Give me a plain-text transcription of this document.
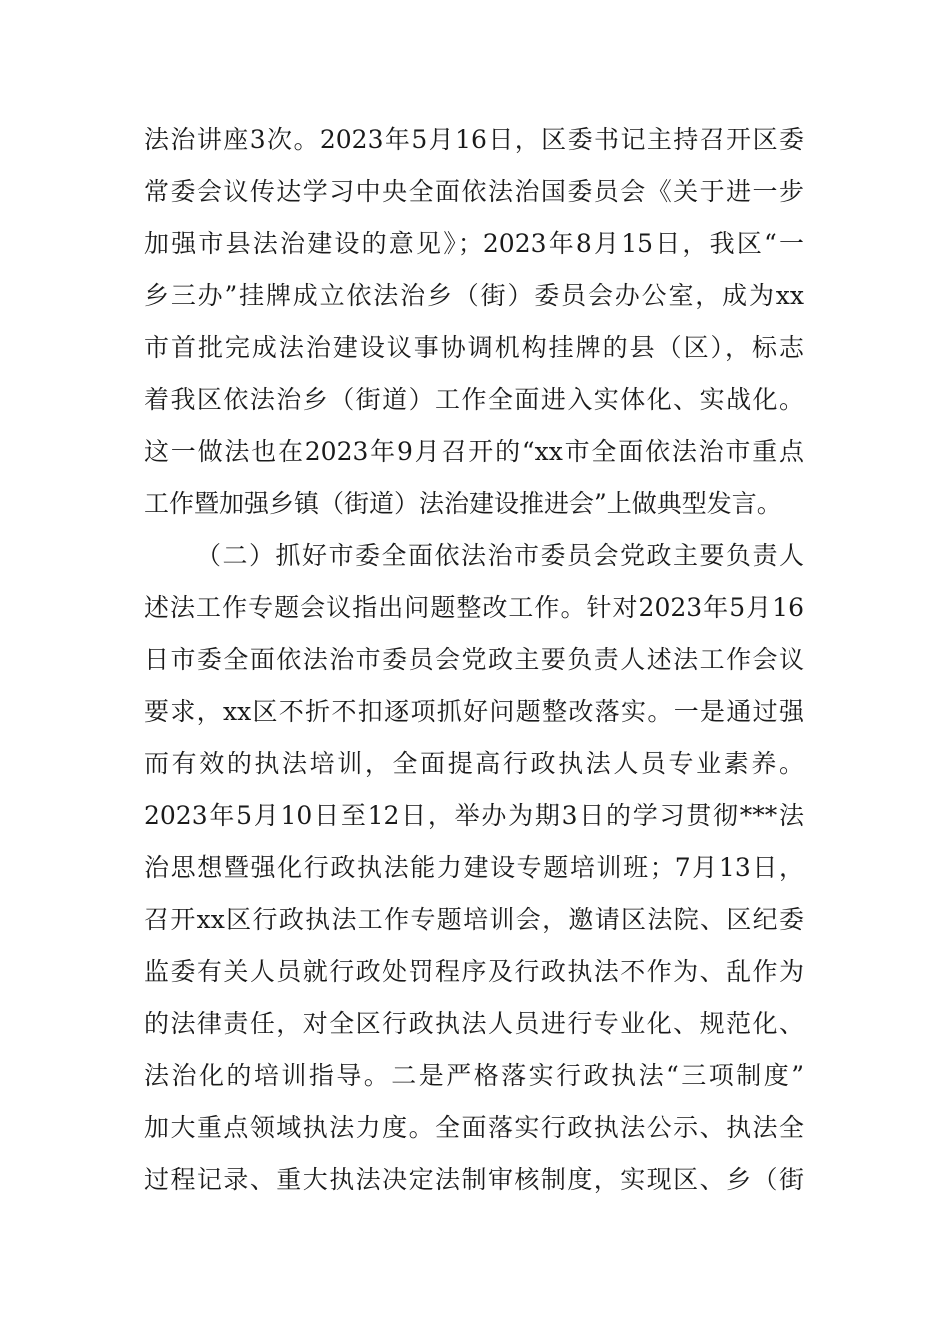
法治讲座3次。2023年5月16日，区委书记主持召开区委
常委会议传达学习中央全面依法治国委员会《关于进一步
加强市县法治建设的意见》；2023年8月15日，我区“一
乡三办”挂牌成立依法治乡（街）委员会办公室，成为xx
市首批完成法治建设议事协调机构挂牌的县（区），标志
着我区依法治乡（街道）工作全面进入实体化、实战化。
这一做法也在2023年9月召开的“xx市全面依法治市重点
工作暨加强乡镇（街道）法治建设推进会”上做典型发言。
（二）抓好市委全面依法治市委员会党政主要负责人
述法工作专题会议指出问题整改工作。针对2023年5月16
日市委全面依法治市委员会党政主要负责人述法工作会议
要求，xx区不折不扣逐项抓好问题整改落实。一是通过强
而有效的执法培训，全面提高行政执法人员专业素养。
2023年5月10日至12日，举办为期3日的学习贯彻***法
治思想暨强化行政执法能力建设专题培训班；7月13日，
召开xx区行政执法工作专题培训会，邀请区法院、区纪委
监委有关人员就行政处罚程序及行政执法不作为、乱作为
的法律责任，对全区行政执法人员进行专业化、规范化、
法治化的培训指导。二是严格落实行政执法“三项制度”
加大重点领域执法力度。全面落实行政执法公示、执法全
过程记录、重大执法决定法制审核制度，实现区、乡（街
